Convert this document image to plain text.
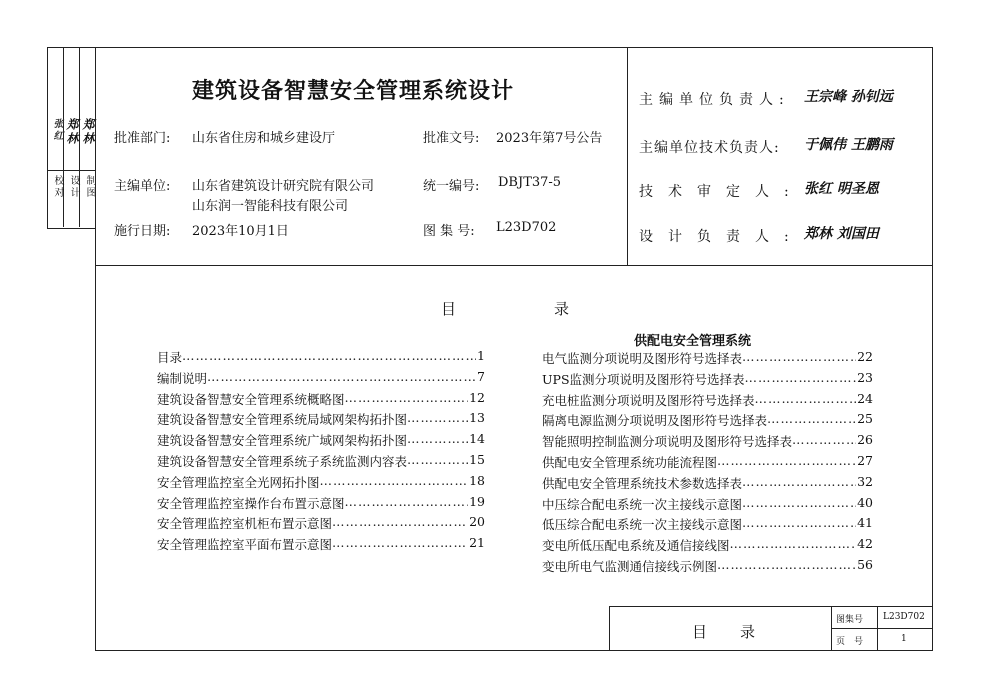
校对 设计 制图
张红 郑林 郑林
建筑设备智慧安全管理系统设计
批准部门: 山东省住房和城乡建设厅	批准文号: 2023年第7号公告
主编单位: 山东省建筑设计研究院有限公司
山东润一智能科技有限公司
统一编号: DBJT37-5
施行日期: 2023年10月1日	图 集 号: L23D702
主编单位负责人: 王宗峰 孙钊远
主编单位技术负责人: 于佩伟 王鹏雨
技术审定人: 张红 明圣恩
设计负责人: 郑林 刘国田
目	录
目录 ……………………………………………………………………………………………………………………	1
编制说明 ……………………………………………………………………………………………………………………	7
建筑设备智慧安全管理系统概略图 ……………………………………………………………………………………………………………………	12
建筑设备智慧安全管理系统局域网架构拓扑图 ……………………………………………………………………………………………………………………	13
建筑设备智慧安全管理系统广域网架构拓扑图 ……………………………………………………………………………………………………………………	14
建筑设备智慧安全管理系统子系统监测内容表 ……………………………………………………………………………………………………………………	15
安全管理监控室全光网拓扑图 ……………………………………………………………………………………………………………………	18
安全管理监控室操作台布置示意图 ……………………………………………………………………………………………………………………	19
安全管理监控室机柜布置示意图 ……………………………………………………………………………………………………………………	20
安全管理监控室平面布置示意图 ……………………………………………………………………………………………………………………	21
供配电安全管理系统
电气监测分项说明及图形符号选择表 ……………………………………………………………………………………………………………………	22
UPS监测分项说明及图形符号选择表 ……………………………………………………………………………………………………………………	23
充电桩监测分项说明及图形符号选择表 ……………………………………………………………………………………………………………………	24
隔离电源监测分项说明及图形符号选择表 ……………………………………………………………………………………………………………………	25
智能照明控制监测分项说明及图形符号选择表 ……………………………………………………………………………………………………………………	26
供配电安全管理系统功能流程图 ……………………………………………………………………………………………………………………	27
供配电安全管理系统技术参数选择表 ……………………………………………………………………………………………………………………	32
中压综合配电系统一次主接线示意图 ……………………………………………………………………………………………………………………	40
低压综合配电系统一次主接线示意图 ……………………………………………………………………………………………………………………	41
变电所低压配电系统及通信接线图 ……………………………………………………………………………………………………………………	42
变电所电气监测通信接线示例图 ……………………………………………………………………………………………………………………	56
目 录
图集号 L23D702
页　号	1
